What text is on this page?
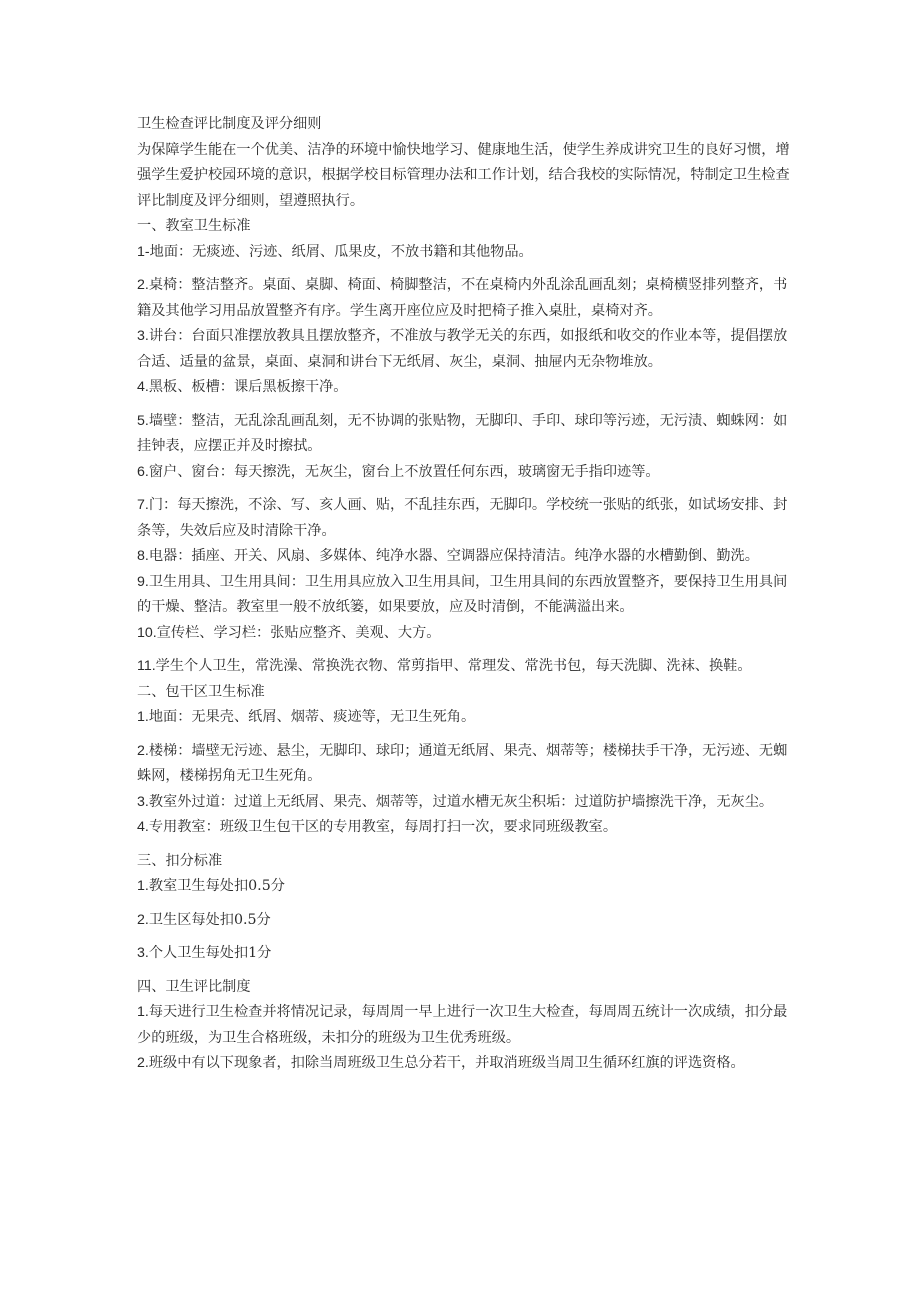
卫生检查评比制度及评分细则

为保障学生能在一个优美、洁净的环境中愉快地学习、健康地生活，使学生养成讲究卫生的良好习惯，增强学生爱护校园环境的意识，根据学校目标管理办法和工作计划，结合我校的实际情况，特制定卫生检查评比制度及评分细则，望遵照执行。

一、教室卫生标准

1-地面：无痰迹、污迹、纸屑、瓜果皮，不放书籍和其他物品。

2.桌椅：整洁整齐。桌面、桌脚、椅面、椅脚整洁，不在桌椅内外乱涂乱画乱刻；桌椅横竖排列整齐，书籍及其他学习用品放置整齐有序。学生离开座位应及时把椅子推入桌肚，桌椅对齐。

3.讲台：台面只准摆放教具且摆放整齐，不准放与教学无关的东西，如报纸和收交的作业本等，提倡摆放合适、适量的盆景，桌面、桌洞和讲台下无纸屑、灰尘，桌洞、抽屉内无杂物堆放。

4.黑板、板槽：课后黑板擦干净。

5.墙壁：整洁，无乱涂乱画乱刻，无不协调的张贴物，无脚印、手印、球印等污迹，无污渍、蜘蛛网：如挂钟表，应摆正并及时擦拭。

6.窗户、窗台：每天擦洗，无灰尘，窗台上不放置任何东西，玻璃窗无手指印迹等。

7.门：每天擦洗，不涂、写、亥人画、贴，不乱挂东西，无脚印。学校统一张贴的纸张，如试场安排、封条等，失效后应及时清除干净。

8.电器：插座、开关、风扇、多媒体、纯净水器、空调器应保持清洁。纯净水器的水槽勤倒、勤洗。

9.卫生用具、卫生用具间：卫生用具应放入卫生用具间，卫生用具间的东西放置整齐，要保持卫生用具间的干燥、整洁。教室里一般不放纸篓，如果要放，应及时清倒，不能满溢出来。

10.宣传栏、学习栏：张贴应整齐、美观、大方。

11.学生个人卫生，常洗澡、常换洗衣物、常剪指甲、常理发、常洗书包，每天洗脚、洗袜、换鞋。

二、包干区卫生标准

1.地面：无果壳、纸屑、烟蒂、痰迹等，无卫生死角。

2.楼梯：墙壁无污迹、悬尘，无脚印、球印；通道无纸屑、果壳、烟蒂等；楼梯扶手干净，无污迹、无蜘蛛网，楼梯拐角无卫生死角。

3.教室外过道：过道上无纸屑、果壳、烟蒂等，过道水槽无灰尘积垢：过道防护墙擦洗干净，无灰尘。

4.专用教室：班级卫生包干区的专用教室，每周打扫一次，要求同班级教室。

三、扣分标准

1.教室卫生每处扣0.5分

2.卫生区每处扣0.5分

3.个人卫生每处扣1分

四、卫生评比制度

1.每天进行卫生检查并将情况记录，每周周一早上进行一次卫生大检查，每周周五统计一次成绩，扣分最少的班级，为卫生合格班级，未扣分的班级为卫生优秀班级。

2.班级中有以下现象者，扣除当周班级卫生总分若干，并取消班级当周卫生循环红旗的评选资格。
